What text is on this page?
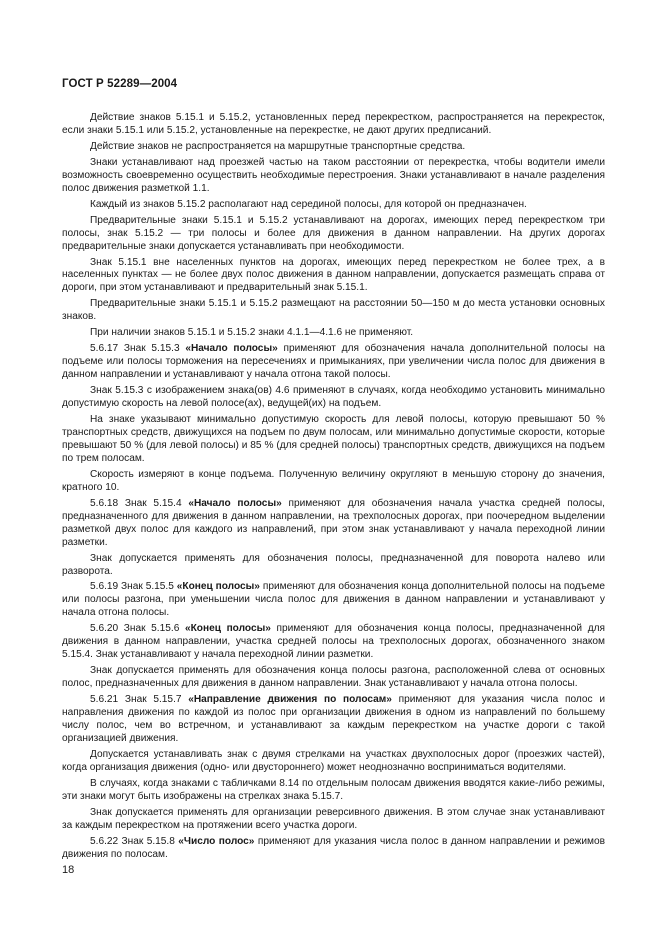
ГОСТ Р 52289—2004

Действие знаков 5.15.1 и 5.15.2, установленных перед перекрестком, распространяется на перекресток, если знаки 5.15.1 или 5.15.2, установленные на перекрестке, не дают других предписаний.

Действие знаков не распространяется на маршрутные транспортные средства.

Знаки устанавливают над проезжей частью на таком расстоянии от перекрестка, чтобы водители имели возможность своевременно осуществить необходимые перестроения. Знаки устанавливают в начале разделения полос движения разметкой 1.1.

Каждый из знаков 5.15.2 располагают над серединой полосы, для которой он предназначен.

Предварительные знаки 5.15.1 и 5.15.2 устанавливают на дорогах, имеющих перед перекрестком три полосы, знак 5.15.2 — три полосы и более для движения в данном направлении. На других дорогах предварительные знаки допускается устанавливать при необходимости.

Знак 5.15.1 вне населенных пунктов на дорогах, имеющих перед перекрестком не более трех, а в населенных пунктах — не более двух полос движения в данном направлении, допускается размещать справа от дороги, при этом устанавливают и предварительный знак 5.15.1.

Предварительные знаки 5.15.1 и 5.15.2 размещают на расстоянии 50—150 м до места установки основных знаков.

При наличии знаков 5.15.1 и 5.15.2 знаки 4.1.1—4.1.6 не применяют.

5.6.17 Знак 5.15.3 «Начало полосы» применяют для обозначения начала дополнительной полосы на подъеме или полосы торможения на пересечениях и примыканиях, при увеличении числа полос для движения в данном направлении и устанавливают у начала отгона такой полосы.

Знак 5.15.3 с изображением знака(ов) 4.6 применяют в случаях, когда необходимо установить минимально допустимую скорость на левой полосе(ах), ведущей(их) на подъем.

На знаке указывают минимально допустимую скорость для левой полосы, которую превышают 50 % транспортных средств, движущихся на подъем по двум полосам, или минимально допустимые скорости, которые превышают 50 % (для левой полосы) и 85 % (для средней полосы) транспортных средств, движущихся на подъем по трем полосам.

Скорость измеряют в конце подъема. Полученную величину округляют в меньшую сторону до значения, кратного 10.

5.6.18 Знак 5.15.4 «Начало полосы» применяют для обозначения начала участка средней полосы, предназначенного для движения в данном направлении, на трехполосных дорогах, при поочередном выделении разметкой двух полос для каждого из направлений, при этом знак устанавливают у начала переходной линии разметки.

Знак допускается применять для обозначения полосы, предназначенной для поворота налево или разворота.

5.6.19 Знак 5.15.5 «Конец полосы» применяют для обозначения конца дополнительной полосы на подъеме или полосы разгона, при уменьшении числа полос для движения в данном направлении и устанавливают у начала отгона полосы.

5.6.20 Знак 5.15.6 «Конец полосы» применяют для обозначения конца полосы, предназначенной для движения в данном направлении, участка средней полосы на трехполосных дорогах, обозначенного знаком 5.15.4. Знак устанавливают у начала переходной линии разметки.

Знак допускается применять для обозначения конца полосы разгона, расположенной слева от основных полос, предназначенных для движения в данном направлении. Знак устанавливают у начала отгона полосы.

5.6.21 Знак 5.15.7 «Направление движения по полосам» применяют для указания числа полос и направления движения по каждой из полос при организации движения в одном из направлений по большему числу полос, чем во встречном, и устанавливают за каждым перекрестком на участке дороги с такой организацией движения.

Допускается устанавливать знак с двумя стрелками на участках двухполосных дорог (проезжих частей), когда организация движения (одно- или двустороннего) может неоднозначно восприниматься водителями.

В случаях, когда знаками с табличками 8.14 по отдельным полосам движения вводятся какие-либо режимы, эти знаки могут быть изображены на стрелках знака 5.15.7.

Знак допускается применять для организации реверсивного движения. В этом случае знак устанавливают за каждым перекрестком на протяжении всего участка дороги.

5.6.22 Знак 5.15.8 «Число полос» применяют для указания числа полос в данном направлении и режимов движения по полосам.

18
